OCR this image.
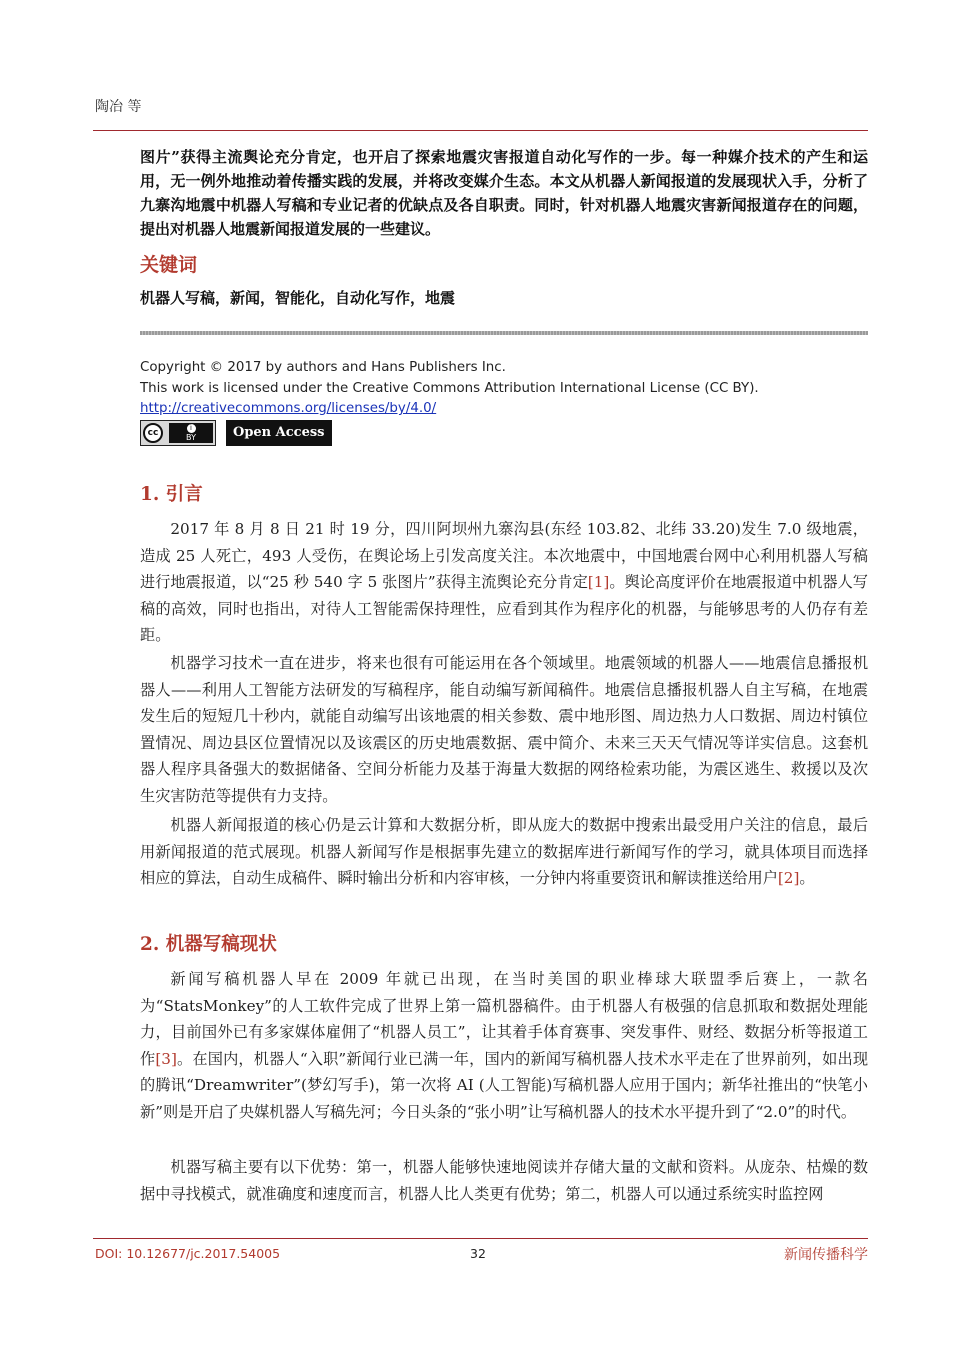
陶冶 等
图片”获得主流舆论充分肯定，也开启了探索地震灾害报道自动化写作的一步。每一种媒介技术的产生和运用，无一例外地推动着传播实践的发展，并将改变媒介生态。本文从机器人新闻报道的发展现状入手，分析了九寨沟地震中机器人写稿和专业记者的优缺点及各自职责。同时，针对机器人地震灾害新闻报道存在的问题，提出对机器人地震新闻报道发展的一些建议。
关键词
机器人写稿，新闻，智能化，自动化写作，地震
Copyright © 2017 by authors and Hans Publishers Inc.
This work is licensed under the Creative Commons Attribution International License (CC BY).
http://creativecommons.org/licenses/by/4.0/
cc	i
BY	Open Access
1. 引言
2017 年 8 月 8 日 21 时 19 分，四川阿坝州九寨沟县(东经 103.82、北纬 33.20)发生 7.0 级地震，造成 25 人死亡，493 人受伤，在舆论场上引发高度关注。本次地震中，中国地震台网中心利用机器人写稿进行地震报道，以“25 秒 540 字 5 张图片”获得主流舆论充分肯定[1]。舆论高度评价在地震报道中机器人写稿的高效，同时也指出，对待人工智能需保持理性，应看到其作为程序化的机器，与能够思考的人仍存有差距。
机器学习技术一直在进步，将来也很有可能运用在各个领域里。地震领域的机器人——地震信息播报机器人——利用人工智能方法研发的写稿程序，能自动编写新闻稿件。地震信息播报机器人自主写稿，在地震发生后的短短几十秒内，就能自动编写出该地震的相关参数、震中地形图、周边热力人口数据、周边村镇位置情况、周边县区位置情况以及该震区的历史地震数据、震中简介、未来三天天气情况等详实信息。这套机器人程序具备强大的数据储备、空间分析能力及基于海量大数据的网络检索功能，为震区逃生、救援以及次生灾害防范等提供有力支持。
机器人新闻报道的核心仍是云计算和大数据分析，即从庞大的数据中搜索出最受用户关注的信息，最后用新闻报道的范式展现。机器人新闻写作是根据事先建立的数据库进行新闻写作的学习，就具体项目而选择相应的算法，自动生成稿件、瞬时输出分析和内容审核，一分钟内将重要资讯和解读推送给用户[2]。
2. 机器写稿现状
新闻写稿机器人早在 2009 年就已出现，在当时美国的职业棒球大联盟季后赛上，一款名为“StatsMonkey”的人工软件完成了世界上第一篇机器稿件。由于机器人有极强的信息抓取和数据处理能力，目前国外已有多家媒体雇佣了“机器人员工”，让其着手体育赛事、突发事件、财经、数据分析等报道工作[3]。在国内，机器人“入职”新闻行业已满一年，国内的新闻写稿机器人技术水平走在了世界前列，如出现的腾讯“Dreamwriter”(梦幻写手)，第一次将 AI (人工智能)写稿机器人应用于国内；新华社推出的“快笔小新”则是开启了央媒机器人写稿先河；今日头条的“张小明”让写稿机器人的技术水平提升到了“2.0”的时代。
机器写稿主要有以下优势：第一，机器人能够快速地阅读并存储大量的文献和资料。从庞杂、枯燥的数据中寻找模式，就准确度和速度而言，机器人比人类更有优势；第二，机器人可以通过系统实时监控网
DOI: 10.12677/jc.2017.54005	32	新闻传播科学
